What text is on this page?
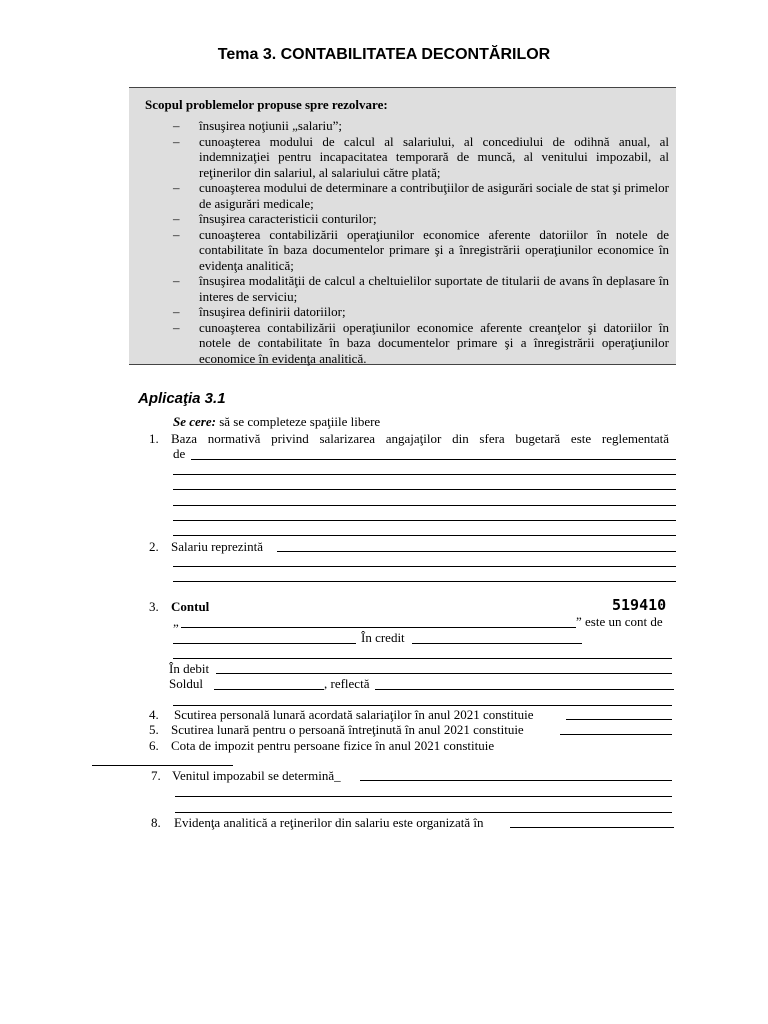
Tema 3. CONTABILITATEA DECONTĂRILOR
Scopul problemelor propuse spre rezolvare:
– însuşirea noţiunii „salariu”;
– cunoaşterea modului de calcul al salariului, al concediului de odihnă anual, al indemnizaţiei pentru incapacitatea temporară de muncă, al venitului impozabil, al reţinerilor din salariul, al salariului către plată;
– cunoaşterea modului de determinare a contribuţiilor de asigurări sociale de stat şi primelor de asigurări medicale;
– însuşirea caracteristicii conturilor;
– cunoaşterea contabilizării operaţiunilor economice aferente datoriilor în notele de contabilitate în baza documentelor primare şi a înregistrării operaţiunilor economice în evidenţa analitică;
– însuşirea modalităţii de calcul a cheltuielilor suportate de titularii de avans în deplasare în interes de serviciu;
– însuşirea definirii datoriilor;
– cunoaşterea contabilizării operaţiunilor economice aferente creanţelor şi datoriilor în notele de contabilitate în baza documentelor primare şi a înregistrării operaţiunilor economice în evidenţa analitică.
Aplicaţia 3.1
Se cere: să se completeze spaţiile libere
1. Baza normativă privind salarizarea angajaţilor din sfera bugetară este reglementată
de
2. Salariu reprezintă
3. Contul	519410
„	” este un cont de
În credit
În debit
Soldul	, reflectă
4. Scutirea personală lunară acordată salariaţilor în anul 2021 constituie
5. Scutirea lunară pentru o persoană întreţinută în anul 2021 constituie
6. Cota de impozit pentru persoane fizice în anul 2021 constituie
7. Venitul impozabil se determină_
8. Evidenţa analitică a reţinerilor din salariu este organizată în
